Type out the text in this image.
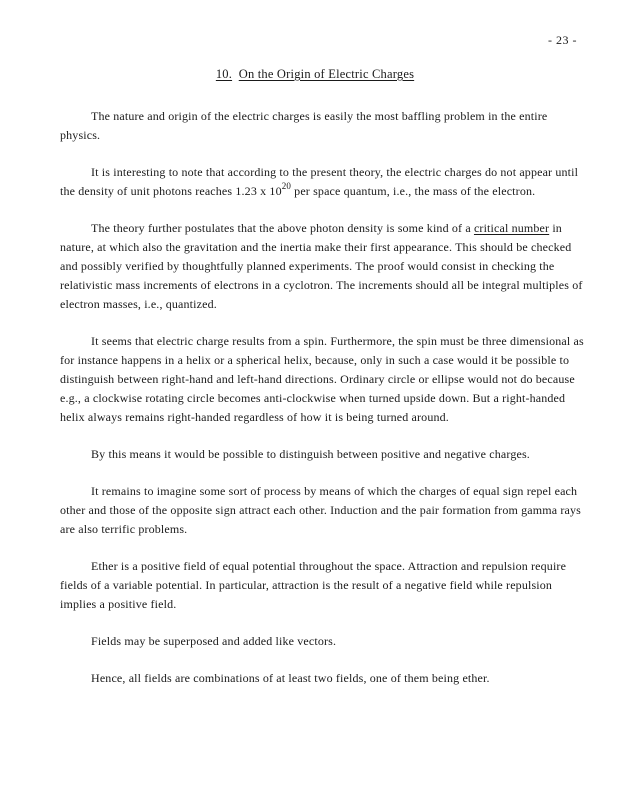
- 23 -
10. On the Origin of Electric Charges

The nature and origin of the electric charges is easily the most baffling problem in the entire physics.

It is interesting to note that according to the present theory, the electric charges do not appear until the density of unit photons reaches 1.23 x $10^{20}$ per space quantum, i.e., the mass of the electron.

The theory further postulates that the above photon density is some kind of a critical number in nature, at which also the gravitation and the inertia make their first appearance. This should be checked and possibly verified by thoughtfully planned experiments. The proof would consist in checking the relativistic mass increments of electrons in a cyclotron. The increments should all be integral multiples of electron masses, i.e., quantized.

It seems that electric charge results from a spin. Furthermore, the spin must be three dimensional as for instance happens in a helix or a spherical helix, because, only in such a case would it be possible to distinguish between right-hand and left-hand directions. Ordinary circle or ellipse would not do because e.g., a clockwise rotating circle becomes anti-clockwise when turned upside down. But a right-handed helix always remains right-handed regardless of how it is being turned around.

By this means it would be possible to distinguish between positive and negative charges.

It remains to imagine some sort of process by means of which the charges of equal sign repel each other and those of the opposite sign attract each other. Induction and the pair formation from gamma rays are also terrific problems.

Ether is a positive field of equal potential throughout the space. Attraction and repulsion require fields of a variable potential. In particular, attraction is the result of a negative field while repulsion implies a positive field.

Fields may be superposed and added like vectors.

Hence, all fields are combinations of at least two fields, one of them being ether.
